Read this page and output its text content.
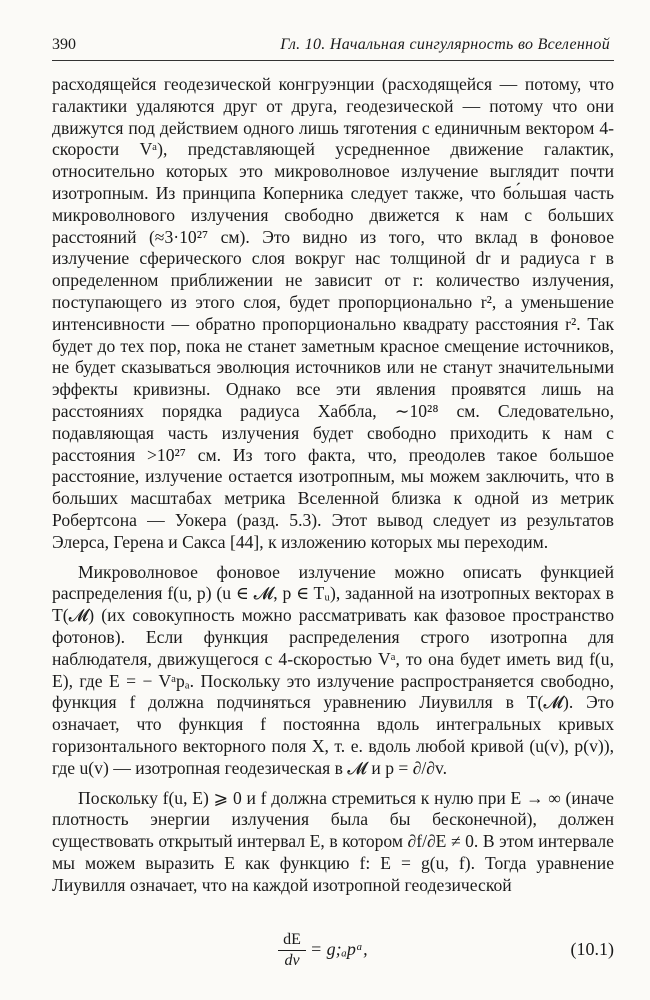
390	Гл. 10. Начальная сингулярность во Вселенной

расходящейся геодезической конгруэнции (расходящейся — потому, что галактики удаляются друг от друга, геодезической — потому что они движутся под действием одного лишь тяготения с единичным вектором 4-скорости Vᵃ), представляющей усредненное движение галактик, относительно которых это микроволновое излучение выглядит почти изотропным. Из принципа Коперника следует также, что бо́льшая часть микроволнового излучения свободно движется к нам с больших расстояний (≈3·10²⁷ см). Это видно из того, что вклад в фоновое излучение сферического слоя вокруг нас толщиной dr и радиуса r в определенном приближении не зависит от r: количество излучения, поступающего из этого слоя, будет пропорционально r², а уменьшение интенсивности — обратно пропорционально квадрату расстояния r². Так будет до тех пор, пока не станет заметным красное смещение источников, не будет сказываться эволюция источников или не станут значительными эффекты кривизны. Однако все эти явления проявятся лишь на расстояниях порядка радиуса Хаббла, ∼10²⁸ см. Следовательно, подавляющая часть излучения будет свободно приходить к нам с расстояния >10²⁷ см. Из того факта, что, преодолев такое большое расстояние, излучение остается изотропным, мы можем заключить, что в больших масштабах метрика Вселенной близка к одной из метрик Робертсона — Уокера (разд. 5.3). Этот вывод следует из результатов Элерса, Герена и Сакса [44], к изложению которых мы переходим.

Микроволновое фоновое излучение можно описать функцией распределения f(u, p) (u ∈ 𝓜, p ∈ Tᵤ), заданной на изотропных векторах в T(𝓜) (их совокупность можно рассматривать как фазовое пространство фотонов). Если функция распределения строго изотропна для наблюдателя, движущегося с 4-скоростью Vᵃ, то она будет иметь вид f(u, E), где E = − Vᵃpₐ. Поскольку это излучение распространяется свободно, функция f должна подчиняться уравнению Лиувилля в T(𝓜). Это означает, что функция f постоянна вдоль интегральных кривых горизонтального векторного поля X, т. е. вдоль любой кривой (u(v), p(v)), где u(v) — изотропная геодезическая в 𝓜 и p = ∂/∂v.

Поскольку f(u, E) ⩾ 0 и f должна стремиться к нулю при E → ∞ (иначе плотность энергии излучения была бы бесконечной), должен существовать открытый интервал E, в котором ∂f/∂E ≠ 0. В этом интервале мы можем выразить E как функцию f: E = g(u, f). Тогда уравнение Лиувилля означает, что на каждой изотропной геодезической

$\frac{dE}{dv}$ = g;ₐpᵃ,	(10.1)
